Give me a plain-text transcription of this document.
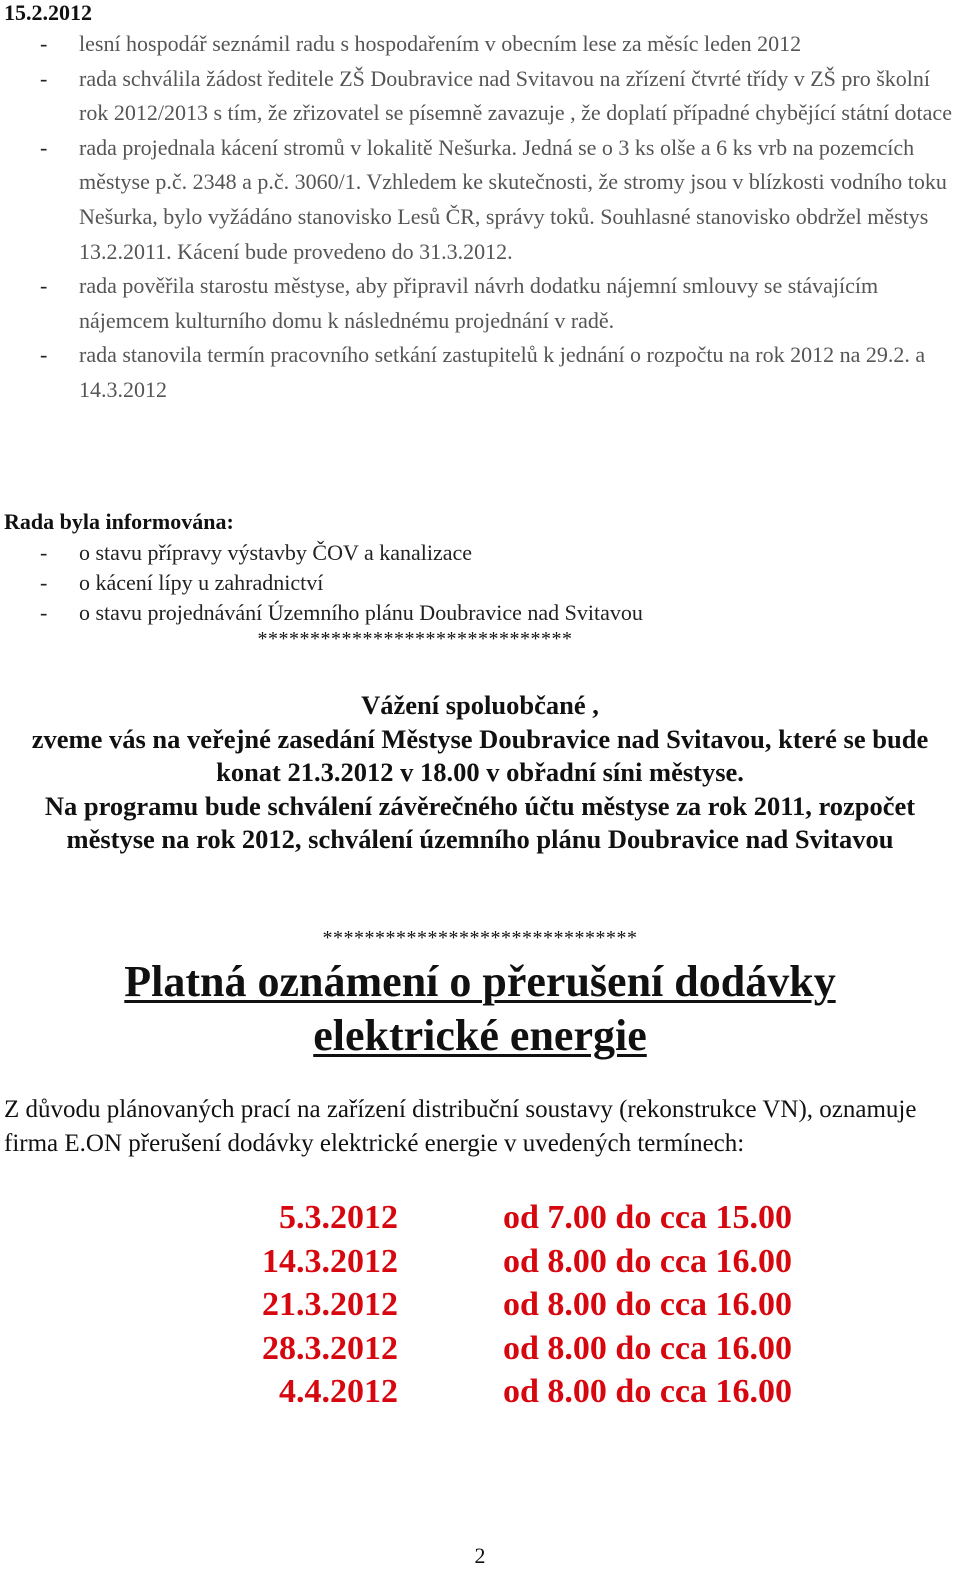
15.2.2012
- lesní hospodář seznámil radu s hospodařením v obecním lese za měsíc leden 2012
- rada schválila žádost ředitele ZŠ Doubravice nad Svitavou na zřízení čtvrté třídy v ZŠ pro školní rok 2012/2013 s tím, že zřizovatel se písemně zavazuje , že doplatí případné chybějící státní dotace
- rada projednala kácení stromů v lokalitě Nešurka. Jedná se o 3 ks olše a 6 ks vrb na pozemcích městyse p.č. 2348 a p.č. 3060/1. Vzhledem ke skutečnosti, že stromy jsou v blízkosti vodního toku Nešurka, bylo vyžádáno stanovisko Lesů ČR, správy toků. Souhlasné stanovisko obdržel městys 13.2.2011. Kácení bude provedeno do 31.3.2012.
- rada pověřila starostu městyse, aby připravil návrh dodatku nájemní smlouvy se stávajícím nájemcem kulturního domu k následnému projednání v radě.
- rada stanovila termín pracovního setkání zastupitelů k jednání o rozpočtu na rok 2012 na 29.2. a 14.3.2012
Rada byla informována:
- o stavu přípravy výstavby ČOV a kanalizace
- o kácení lípy u zahradnictví
- o stavu projednávání Územního plánu Doubravice nad Svitavou
******************************

Vážení spoluobčané ,

zveme vás na veřejné zasedání Městyse Doubravice nad Svitavou, které se bude konat 21.3.2012 v 18.00 v obřadní síni městyse.

Na programu bude schválení závěrečného účtu městyse za rok 2011, rozpočet městyse na rok 2012, schválení územního plánu Doubravice nad Svitavou

******************************

Platná oznámení o přerušení dodávky

elektrické energie

Z důvodu plánovaných prací na zařízení distribuční soustavy (rekonstrukce VN), oznamuje firma E.ON přerušení dodávky elektrické energie v uvedených termínech:
5.3.2012	od 7.00 do cca 15.00
14.3.2012	od 8.00 do cca 16.00
21.3.2012	od 8.00 do cca 16.00
28.3.2012	od 8.00 do cca 16.00
4.4.2012	od 8.00 do cca 16.00
2
